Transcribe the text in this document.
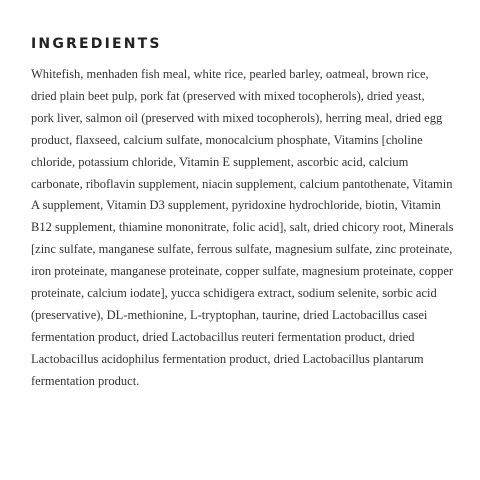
INGREDIENTS

Whitefish, menhaden fish meal, white rice, pearled barley, oatmeal, brown rice,
dried plain beet pulp, pork fat (preserved with mixed tocopherols), dried yeast,
pork liver, salmon oil (preserved with mixed tocopherols), herring meal, dried egg
product, flaxseed, calcium sulfate, monocalcium phosphate, Vitamins [choline
chloride, potassium chloride, Vitamin E supplement, ascorbic acid, calcium
carbonate, riboflavin supplement, niacin supplement, calcium pantothenate, Vitamin
A supplement, Vitamin D3 supplement, pyridoxine hydrochloride, biotin, Vitamin
B12 supplement, thiamine mononitrate, folic acid], salt, dried chicory root, Minerals
[zinc sulfate, manganese sulfate, ferrous sulfate, magnesium sulfate, zinc proteinate,
iron proteinate, manganese proteinate, copper sulfate, magnesium proteinate, copper
proteinate, calcium iodate], yucca schidigera extract, sodium selenite, sorbic acid
(preservative), DL-methionine, L-tryptophan, taurine, dried Lactobacillus casei
fermentation product, dried Lactobacillus reuteri fermentation product, dried
Lactobacillus acidophilus fermentation product, dried Lactobacillus plantarum
fermentation product.
